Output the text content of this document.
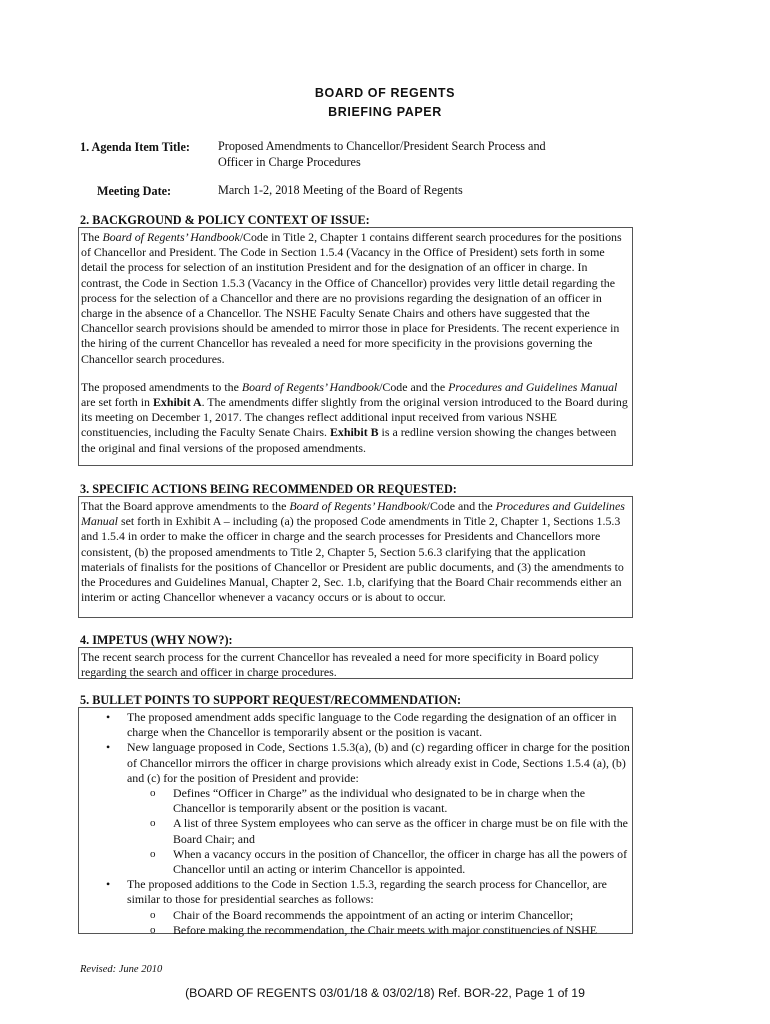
BOARD OF REGENTS
BRIEFING PAPER
1. Agenda Item Title: Proposed Amendments to Chancellor/President Search Process and
Officer in Charge Procedures
Meeting Date:	March 1-2, 2018 Meeting of the Board of Regents
2. BACKGROUND & POLICY CONTEXT OF ISSUE:

The Board of Regents’ Handbook/Code in Title 2, Chapter 1 contains different search procedures for the positions of Chancellor and President. The Code in Section 1.5.4 (Vacancy in the Office of President) sets forth in some detail the process for selection of an institution President and for the designation of an officer in charge. In contrast, the Code in Section 1.5.3 (Vacancy in the Office of Chancellor) provides very little detail regarding the process for the selection of a Chancellor and there are no provisions regarding the designation of an officer in charge in the absence of a Chancellor. The NSHE Faculty Senate Chairs and others have suggested that the Chancellor search provisions should be amended to mirror those in place for Presidents. The recent experience in the hiring of the current Chancellor has revealed a need for more specificity in the provisions governing the Chancellor search procedures.

The proposed amendments to the Board of Regents’ Handbook/Code and the Procedures and Guidelines Manual are set forth in Exhibit A. The amendments differ slightly from the original version introduced to the Board during its meeting on December 1, 2017. The changes reflect additional input received from various NSHE constituencies, including the Faculty Senate Chairs. Exhibit B is a redline version showing the changes between the original and final versions of the proposed amendments.

3. SPECIFIC ACTIONS BEING RECOMMENDED OR REQUESTED:

That the Board approve amendments to the Board of Regents’ Handbook/Code and the Procedures and Guidelines Manual set forth in Exhibit A – including (a) the proposed Code amendments in Title 2, Chapter 1, Sections 1.5.3 and 1.5.4 in order to make the officer in charge and the search processes for Presidents and Chancellors more consistent, (b) the proposed amendments to Title 2, Chapter 5, Section 5.6.3 clarifying that the application materials of finalists for the positions of Chancellor or President are public documents, and (3) the amendments to the Procedures and Guidelines Manual, Chapter 2, Sec. 1.b, clarifying that the Board Chair recommends either an interim or acting Chancellor whenever a vacancy occurs or is about to occur.

4. IMPETUS (WHY NOW?):

The recent search process for the current Chancellor has revealed a need for more specificity in Board policy regarding the search and officer in charge procedures.

5. BULLET POINTS TO SUPPORT REQUEST/RECOMMENDATION:
• The proposed amendment adds specific language to the Code regarding the designation of an officer in charge when the Chancellor is temporarily absent or the position is vacant.
• New language proposed in Code, Sections 1.5.3(a), (b) and (c) regarding officer in charge for the position of Chancellor mirrors the officer in charge provisions which already exist in Code, Sections 1.5.4 (a), (b) and (c) for the position of President and provide:
o Defines “Officer in Charge” as the individual who designated to be in charge when the Chancellor is temporarily absent or the position is vacant.
o A list of three System employees who can serve as the officer in charge must be on file with the Board Chair; and
o When a vacancy occurs in the position of Chancellor, the officer in charge has all the powers of Chancellor until an acting or interim Chancellor is appointed.
• The proposed additions to the Code in Section 1.5.3, regarding the search process for Chancellor, are similar to those for presidential searches as follows:
o Chair of the Board recommends the appointment of an acting or interim Chancellor;
o Before making the recommendation, the Chair meets with major constituencies of NSHE
Revised: June 2010
(BOARD OF REGENTS 03/01/18 & 03/02/18) Ref. BOR-22, Page 1 of 19
